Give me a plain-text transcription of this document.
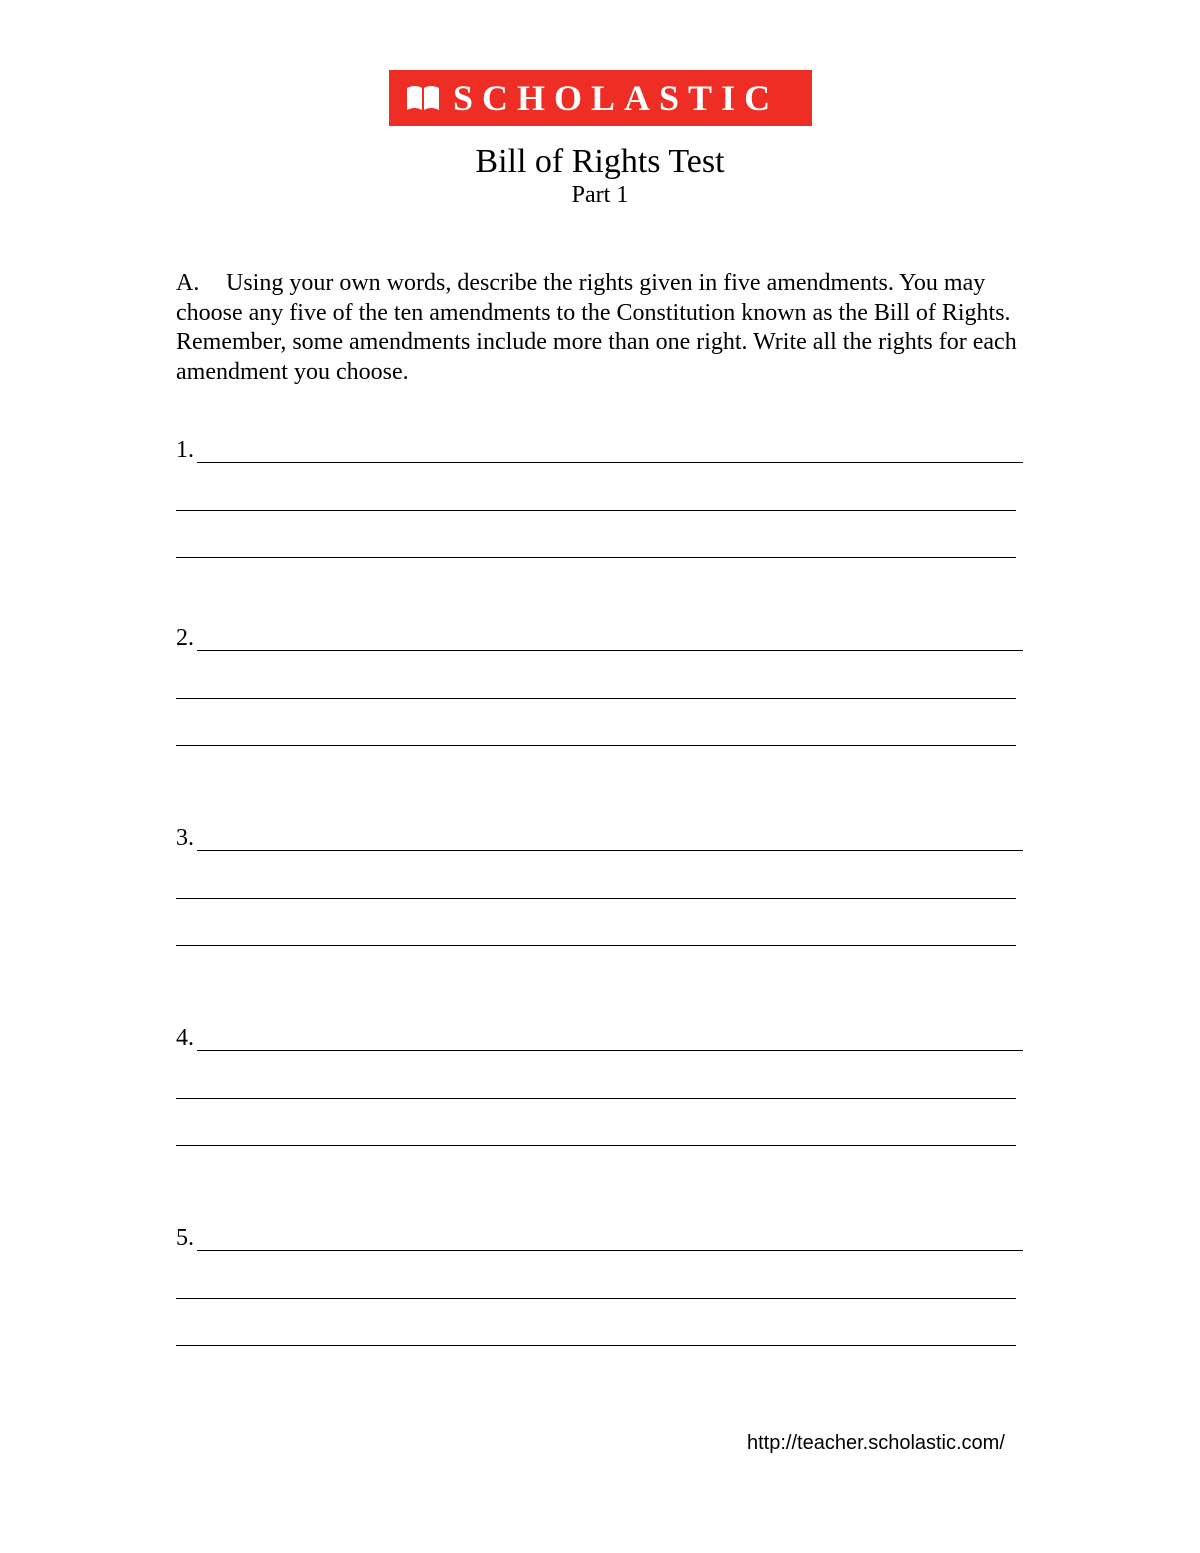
SCHOLASTIC
Bill of Rights Test
Part 1
A. Using your own words, describe the rights given in five amendments. You may choose any five of the ten amendments to the Constitution known as the Bill of Rights. Remember, some amendments include more than one right. Write all the rights for each amendment you choose.
1.
2.
3.
4.
5.
http://teacher.scholastic.com/
